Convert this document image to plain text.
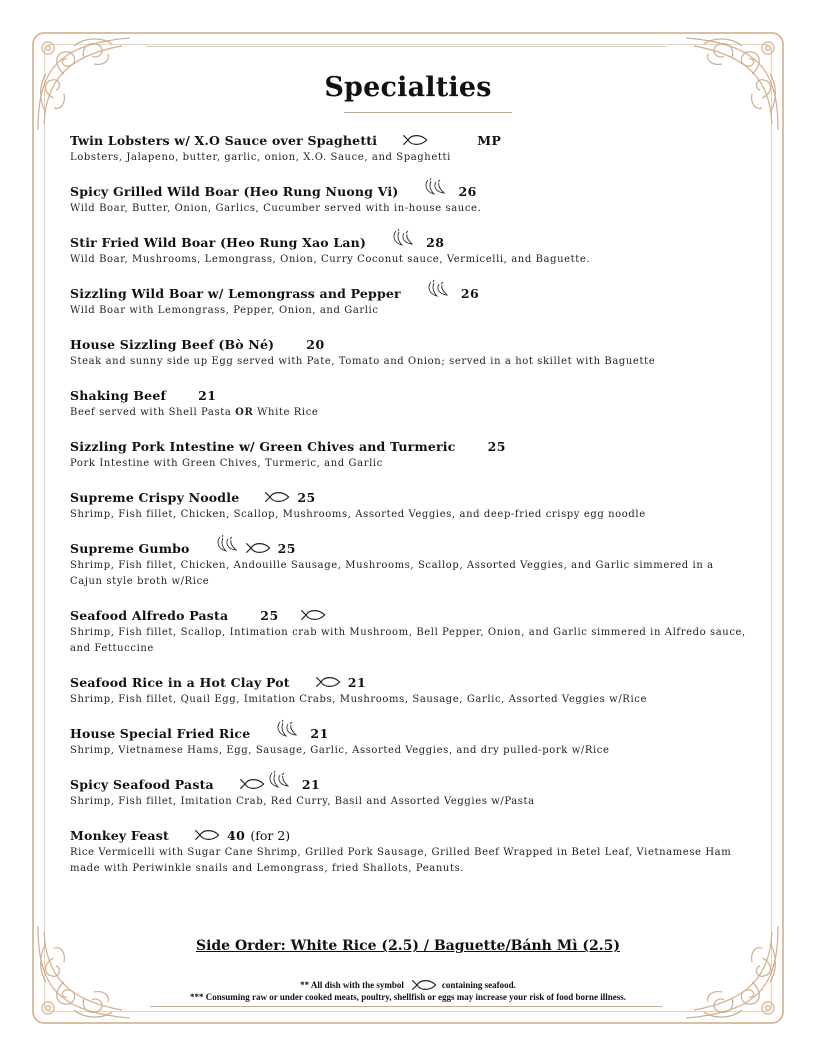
Specialties
Twin Lobsters w/ X.O Sauce over Spaghetti	MP
Lobsters, Jalapeno, butter, garlic, onion, X.O. Sauce, and Spaghetti
Spicy Grilled Wild Boar (Heo Rung Nuong Vi)	26
Wild Boar, Butter, Onion, Garlics, Cucumber served with in-house sauce.
Stir Fried Wild Boar (Heo Rung Xao Lan)	28
Wild Boar, Mushrooms, Lemongrass, Onion, Curry Coconut sauce, Vermicelli, and Baguette.
Sizzling Wild Boar w/ Lemongrass and Pepper	26
Wild Boar with Lemongrass, Pepper, Onion, and Garlic
House Sizzling Beef (Bò Né)	20
Steak and sunny side up Egg served with Pate, Tomato and Onion; served in a hot skillet with Baguette
Shaking Beef	21
Beef served with Shell Pasta OR White Rice
Sizzling Pork Intestine w/ Green Chives and Turmeric	25
Pork Intestine with Green Chives, Turmeric, and Garlic
Supreme Crispy Noodle	25
Shrimp, Fish fillet, Chicken, Scallop, Mushrooms, Assorted Veggies, and deep-fried crispy egg noodle
Supreme Gumbo	25
Shrimp, Fish fillet, Chicken, Andouille Sausage, Mushrooms, Scallop, Assorted Veggies, and Garlic simmered in a Cajun style broth w/Rice
Seafood Alfredo Pasta	25
Shrimp, Fish fillet, Scallop, Intimation crab with Mushroom, Bell Pepper, Onion, and Garlic simmered in Alfredo sauce, and Fettuccine
Seafood Rice in a Hot Clay Pot	21
Shrimp, Fish fillet, Quail Egg, Imitation Crabs, Mushrooms, Sausage, Garlic, Assorted Veggies w/Rice
House Special Fried Rice	21
Shrimp, Vietnamese Hams, Egg, Sausage, Garlic, Assorted Veggies, and dry pulled-pork w/Rice
Spicy Seafood Pasta	21
Shrimp, Fish fillet, Imitation Crab, Red Curry, Basil and Assorted Veggies w/Pasta
Monkey Feast	40 (for 2)
Rice Vermicelli with Sugar Cane Shrimp, Grilled Pork Sausage, Grilled Beef Wrapped in Betel Leaf, Vietnamese Ham made with Periwinkle snails and Lemongrass, fried Shallots, Peanuts.
Side Order: White Rice (2.5) / Baguette/Bánh Mì (2.5)
** All dish with the symbol	containing seafood.
*** Consuming raw or under cooked meats, poultry, shellfish or eggs may increase your risk of food borne illness.
